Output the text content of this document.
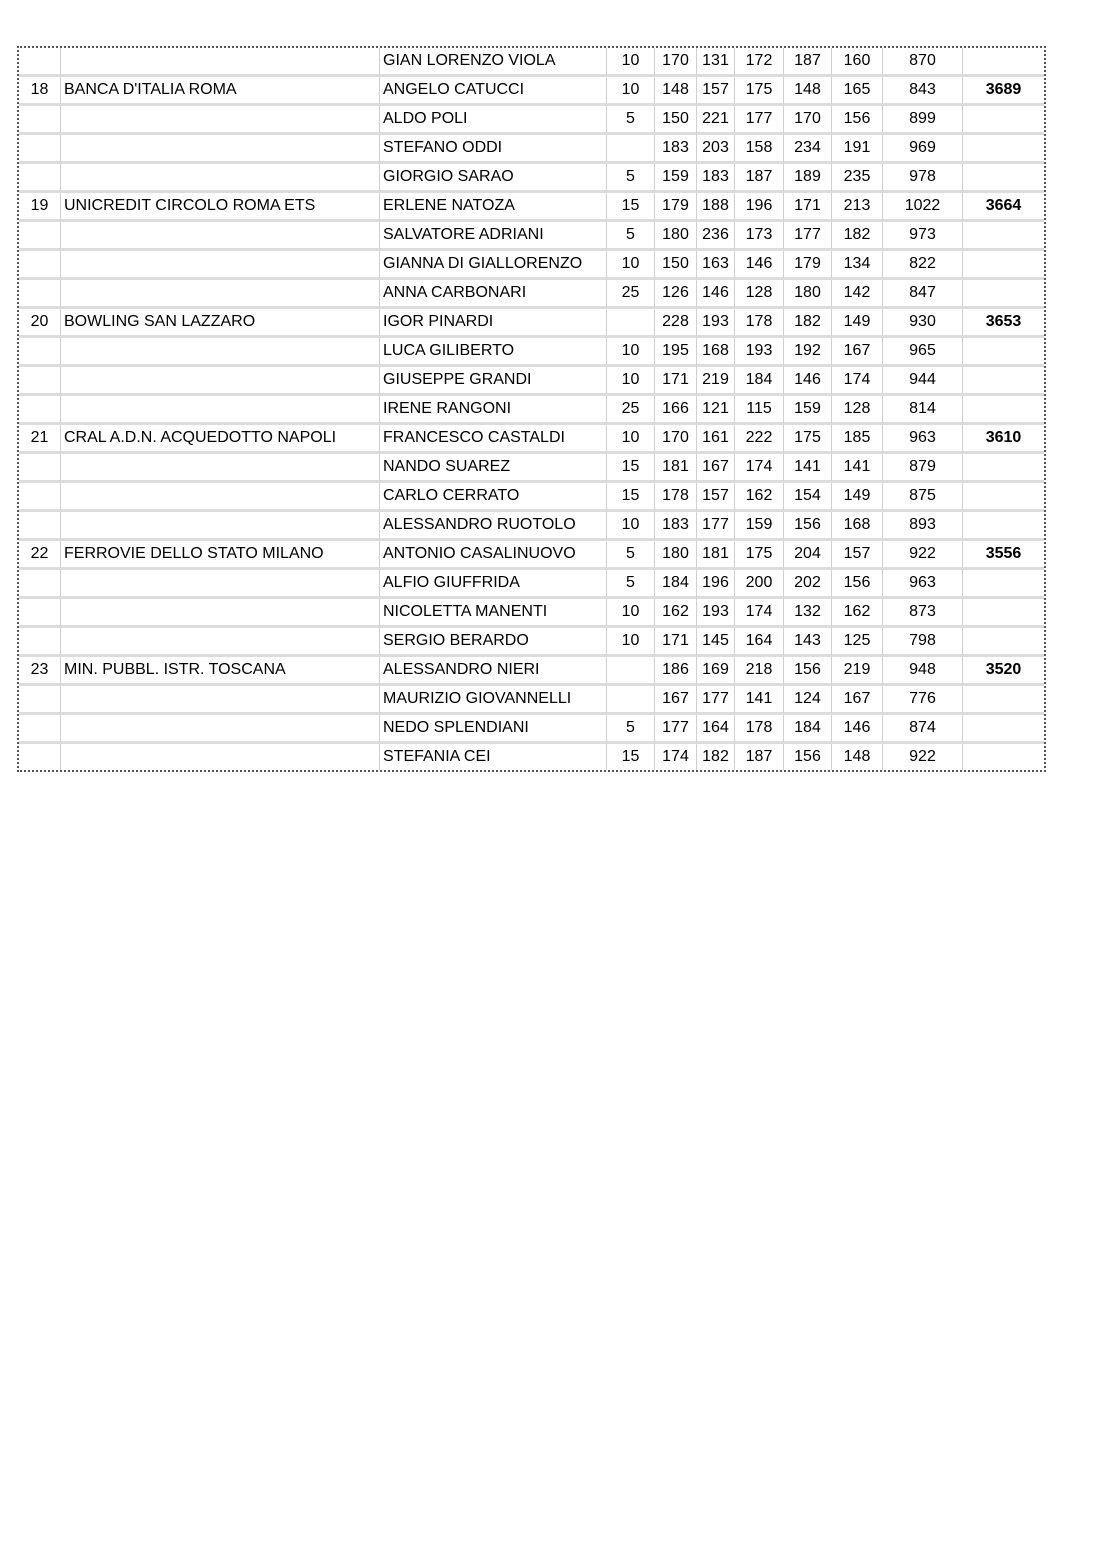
		GIAN LORENZO VIOLA	10	170	131	172	187	160	870	
18	BANCA D'ITALIA ROMA	ANGELO CATUCCI	10	148	157	175	148	165	843	3689
		ALDO POLI	5	150	221	177	170	156	899	
		STEFANO ODDI		183	203	158	234	191	969	
		GIORGIO SARAO	5	159	183	187	189	235	978	
19	UNICREDIT CIRCOLO ROMA ETS	ERLENE NATOZA	15	179	188	196	171	213	1022	3664
		SALVATORE ADRIANI	5	180	236	173	177	182	973	
		GIANNA DI GIALLORENZO	10	150	163	146	179	134	822	
		ANNA CARBONARI	25	126	146	128	180	142	847	
20	BOWLING SAN LAZZARO	IGOR PINARDI		228	193	178	182	149	930	3653
		LUCA GILIBERTO	10	195	168	193	192	167	965	
		GIUSEPPE GRANDI	10	171	219	184	146	174	944	
		IRENE RANGONI	25	166	121	115	159	128	814	
21	CRAL A.D.N. ACQUEDOTTO NAPOLI	FRANCESCO CASTALDI	10	170	161	222	175	185	963	3610
		NANDO SUAREZ	15	181	167	174	141	141	879	
		CARLO CERRATO	15	178	157	162	154	149	875	
		ALESSANDRO RUOTOLO	10	183	177	159	156	168	893	
22	FERROVIE DELLO STATO MILANO	ANTONIO CASALINUOVO	5	180	181	175	204	157	922	3556
		ALFIO GIUFFRIDA	5	184	196	200	202	156	963	
		NICOLETTA MANENTI	10	162	193	174	132	162	873	
		SERGIO BERARDO	10	171	145	164	143	125	798	
23	MIN. PUBBL. ISTR. TOSCANA	ALESSANDRO NIERI		186	169	218	156	219	948	3520
		MAURIZIO GIOVANNELLI		167	177	141	124	167	776	
		NEDO SPLENDIANI	5	177	164	178	184	146	874	
		STEFANIA CEI	15	174	182	187	156	148	922	
